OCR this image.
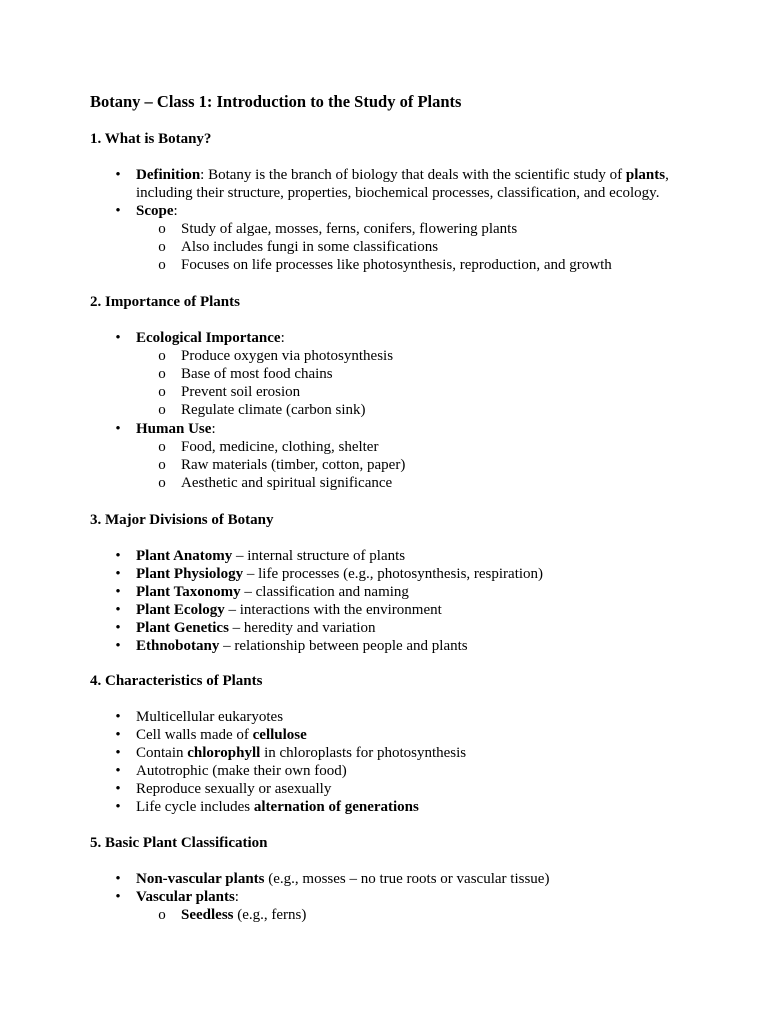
Botany – Class 1: Introduction to the Study of Plants
1. What is Botany?
• Definition: Botany is the branch of biology that deals with the scientific study of plants,
including their structure, properties, biochemical processes, classification, and ecology.
• Scope:
o Study of algae, mosses, ferns, conifers, flowering plants
o Also includes fungi in some classifications
o Focuses on life processes like photosynthesis, reproduction, and growth
2. Importance of Plants
• Ecological Importance:
o Produce oxygen via photosynthesis
o Base of most food chains
o Prevent soil erosion
o Regulate climate (carbon sink)
• Human Use:
o Food, medicine, clothing, shelter
o Raw materials (timber, cotton, paper)
o Aesthetic and spiritual significance
3. Major Divisions of Botany
• Plant Anatomy – internal structure of plants
• Plant Physiology – life processes (e.g., photosynthesis, respiration)
• Plant Taxonomy – classification and naming
• Plant Ecology – interactions with the environment
• Plant Genetics – heredity and variation
• Ethnobotany – relationship between people and plants
4. Characteristics of Plants
• Multicellular eukaryotes
• Cell walls made of cellulose
• Contain chlorophyll in chloroplasts for photosynthesis
• Autotrophic (make their own food)
• Reproduce sexually or asexually
• Life cycle includes alternation of generations
5. Basic Plant Classification
• Non-vascular plants (e.g., mosses – no true roots or vascular tissue)
• Vascular plants:
o Seedless (e.g., ferns)
